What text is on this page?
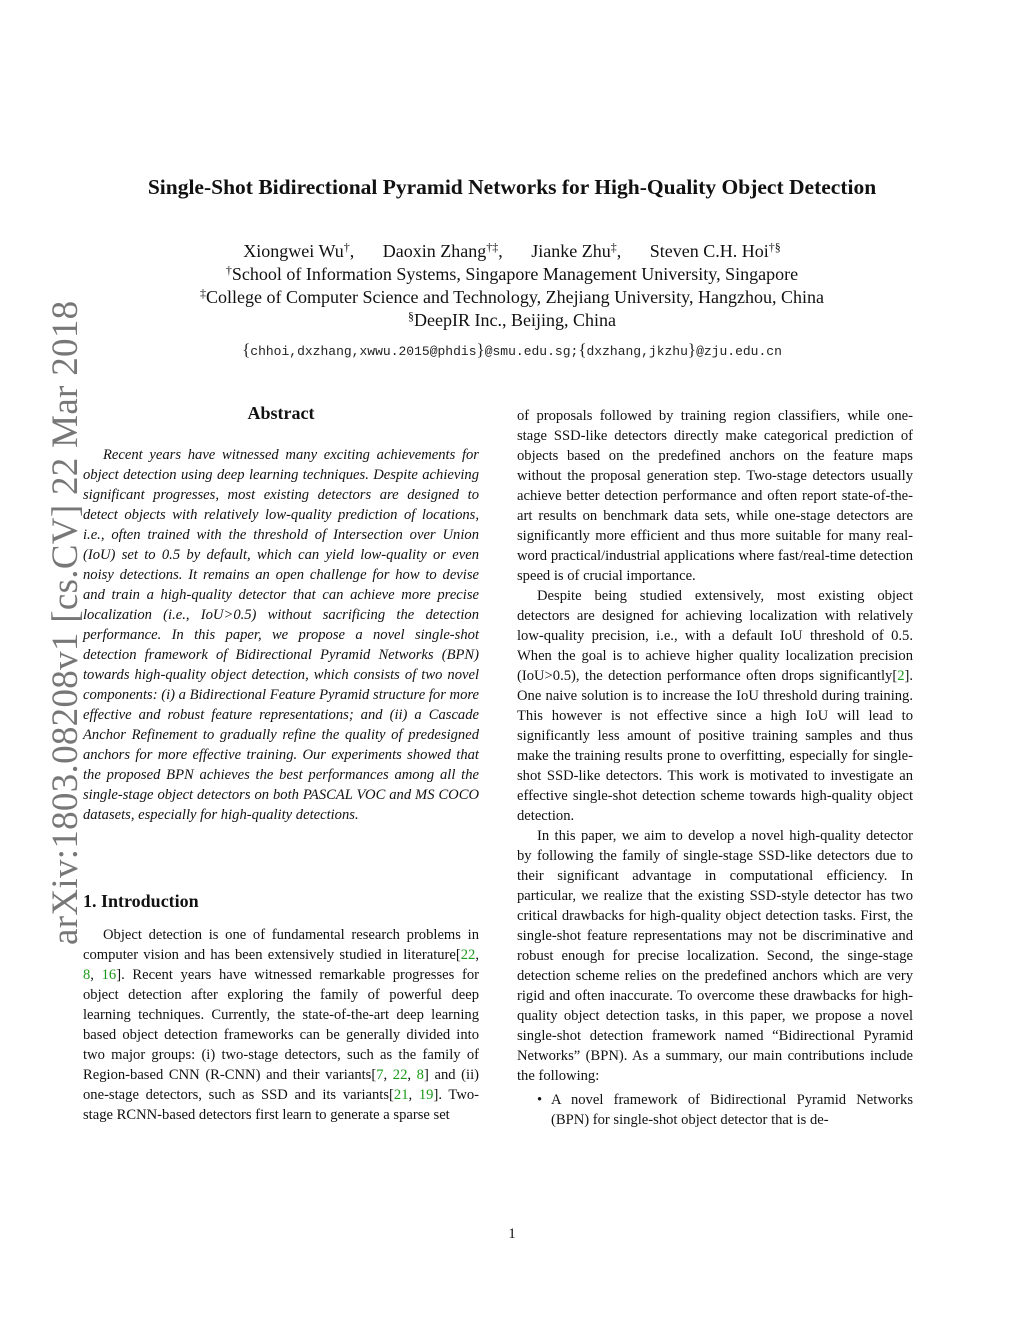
arXiv:1803.08208v1 [cs.CV] 22 Mar 2018
Single-Shot Bidirectional Pyramid Networks for High-Quality Object Detection
Xiongwei Wu†, Daoxin Zhang†‡, Jianke Zhu‡, Steven C.H. Hoi†§
†School of Information Systems, Singapore Management University, Singapore
‡College of Computer Science and Technology, Zhejiang University, Hangzhou, China
§DeepIR Inc., Beijing, China
{chhoi,dxzhang,xwwu.2015@phdis}@smu.edu.sg;{dxzhang,jkzhu}@zju.edu.cn
Abstract

Recent years have witnessed many exciting achievements for object detection using deep learning techniques. Despite achieving significant progresses, most existing detectors are designed to detect objects with relatively low-quality prediction of locations, i.e., often trained with the threshold of Intersection over Union (IoU) set to 0.5 by default, which can yield low-quality or even noisy detections. It remains an open challenge for how to devise and train a high-quality detector that can achieve more precise localization (i.e., IoU>0.5) without sacrificing the detection performance. In this paper, we propose a novel single-shot detection framework of Bidirectional Pyramid Networks (BPN) towards high-quality object detection, which consists of two novel components: (i) a Bidirectional Feature Pyramid structure for more effective and robust feature representations; and (ii) a Cascade Anchor Refinement to gradually refine the quality of predesigned anchors for more effective training. Our experiments showed that the proposed BPN achieves the best performances among all the single-stage object detectors on both PASCAL VOC and MS COCO datasets, especially for high-quality detections.

1. Introduction

Object detection is one of fundamental research problems in computer vision and has been extensively studied in literature[22, 8, 16]. Recent years have witnessed remarkable progresses for object detection after exploring the family of powerful deep learning techniques. Currently, the state-of-the-art deep learning based object detection frameworks can be generally divided into two major groups: (i) two-stage detectors, such as the family of Region-based CNN (R-CNN) and their variants[7, 22, 8] and (ii) one-stage detectors, such as SSD and its variants[21, 19]. Two-stage RCNN-based detectors first learn to generate a sparse set

of proposals followed by training region classifiers, while one-stage SSD-like detectors directly make categorical prediction of objects based on the predefined anchors on the feature maps without the proposal generation step. Two-stage detectors usually achieve better detection performance and often report state-of-the-art results on benchmark data sets, while one-stage detectors are significantly more efficient and thus more suitable for many real-word practical/industrial applications where fast/real-time detection speed is of crucial importance.

Despite being studied extensively, most existing object detectors are designed for achieving localization with relatively low-quality precision, i.e., with a default IoU threshold of 0.5. When the goal is to achieve higher quality localization precision (IoU>0.5), the detection performance often drops significantly[2]. One naive solution is to increase the IoU threshold during training. This however is not effective since a high IoU will lead to significantly less amount of positive training samples and thus make the training results prone to overfitting, especially for single-shot SSD-like detectors. This work is motivated to investigate an effective single-shot detection scheme towards high-quality object detection.

In this paper, we aim to develop a novel high-quality detector by following the family of single-stage SSD-like detectors due to their significant advantage in computational efficiency. In particular, we realize that the existing SSD-style detector has two critical drawbacks for high-quality object detection tasks. First, the single-shot feature representations may not be discriminative and robust enough for precise localization. Second, the singe-stage detection scheme relies on the predefined anchors which are very rigid and often inaccurate. To overcome these drawbacks for high-quality object detection tasks, in this paper, we propose a novel single-shot detection framework named “Bidirectional Pyramid Networks” (BPN). As a summary, our main contributions include the following:

• A novel framework of Bidirectional Pyramid Networks (BPN) for single-shot object detector that is de-
1
